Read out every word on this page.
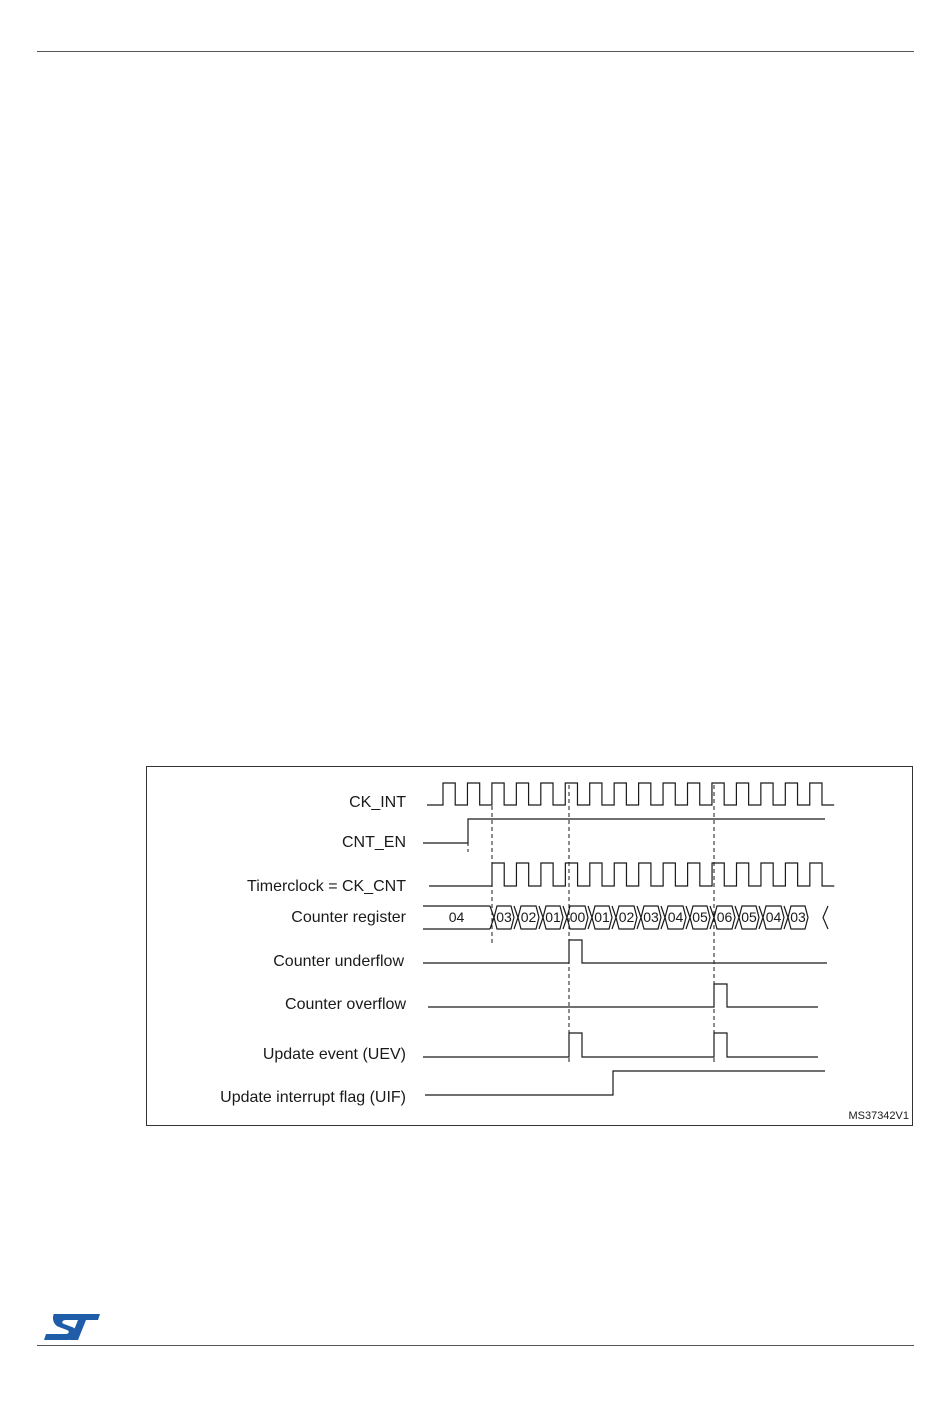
CK_INT
CNT_EN
Timerclock = CK_CNT
Counter register
Counter underflow
Counter overflow
Update event (UEV)
Update interrupt flag (UIF)
04 03 02 01 00 01 02 03 04 05 06 05 04 03
MS37342V1
